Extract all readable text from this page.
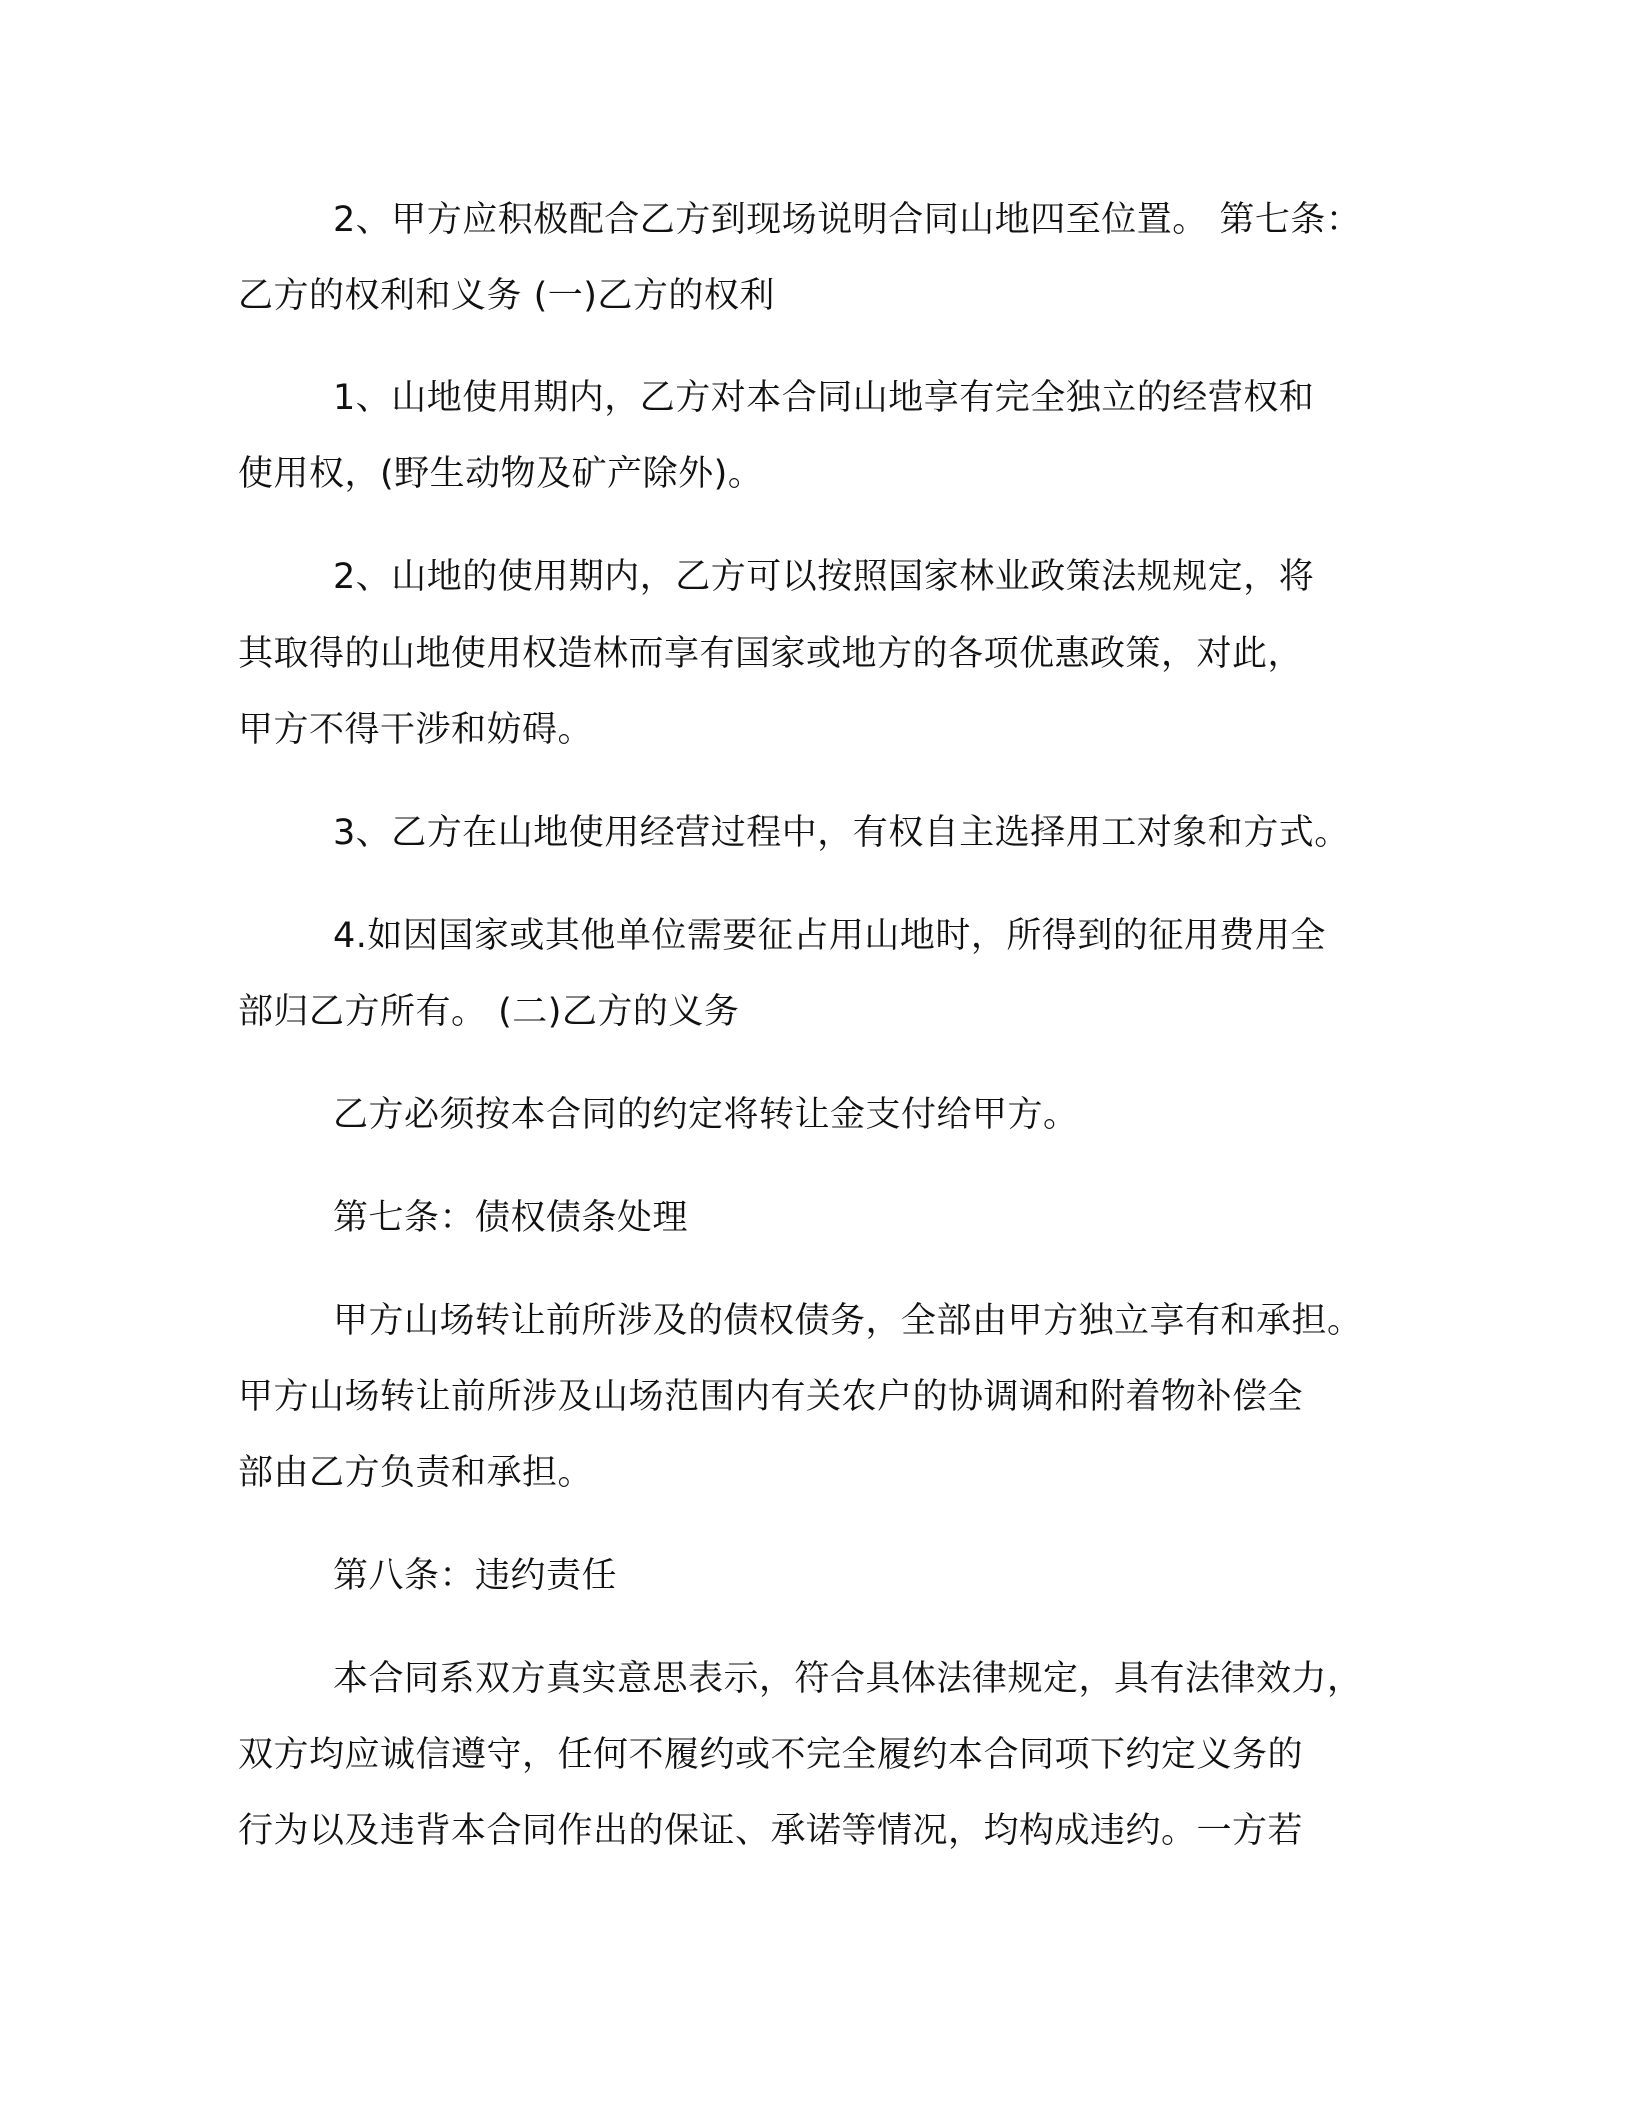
2、甲方应积极配合乙方到现场说明合同山地四至位置。 第七条：
乙方的权利和义务 (一)乙方的权利
1、山地使用期内，乙方对本合同山地享有完全独立的经营权和
使用权，(野生动物及矿产除外)。
2、山地的使用期内，乙方可以按照国家林业政策法规规定，将
其取得的山地使用权造林而享有国家或地方的各项优惠政策，对此，
甲方不得干涉和妨碍。
3、乙方在山地使用经营过程中，有权自主选择用工对象和方式。
4.如因国家或其他单位需要征占用山地时，所得到的征用费用全
部归乙方所有。 (二)乙方的义务
乙方必须按本合同的约定将转让金支付给甲方。
第七条：债权债条处理
甲方山场转让前所涉及的债权债务，全部由甲方独立享有和承担。
甲方山场转让前所涉及山场范围内有关农户的协调调和附着物补偿全
部由乙方负责和承担。
第八条：违约责任
本合同系双方真实意思表示，符合具体法律规定，具有法律效力，
双方均应诚信遵守，任何不履约或不完全履约本合同项下约定义务的
行为以及违背本合同作出的保证、承诺等情况，均构成违约。一方若
